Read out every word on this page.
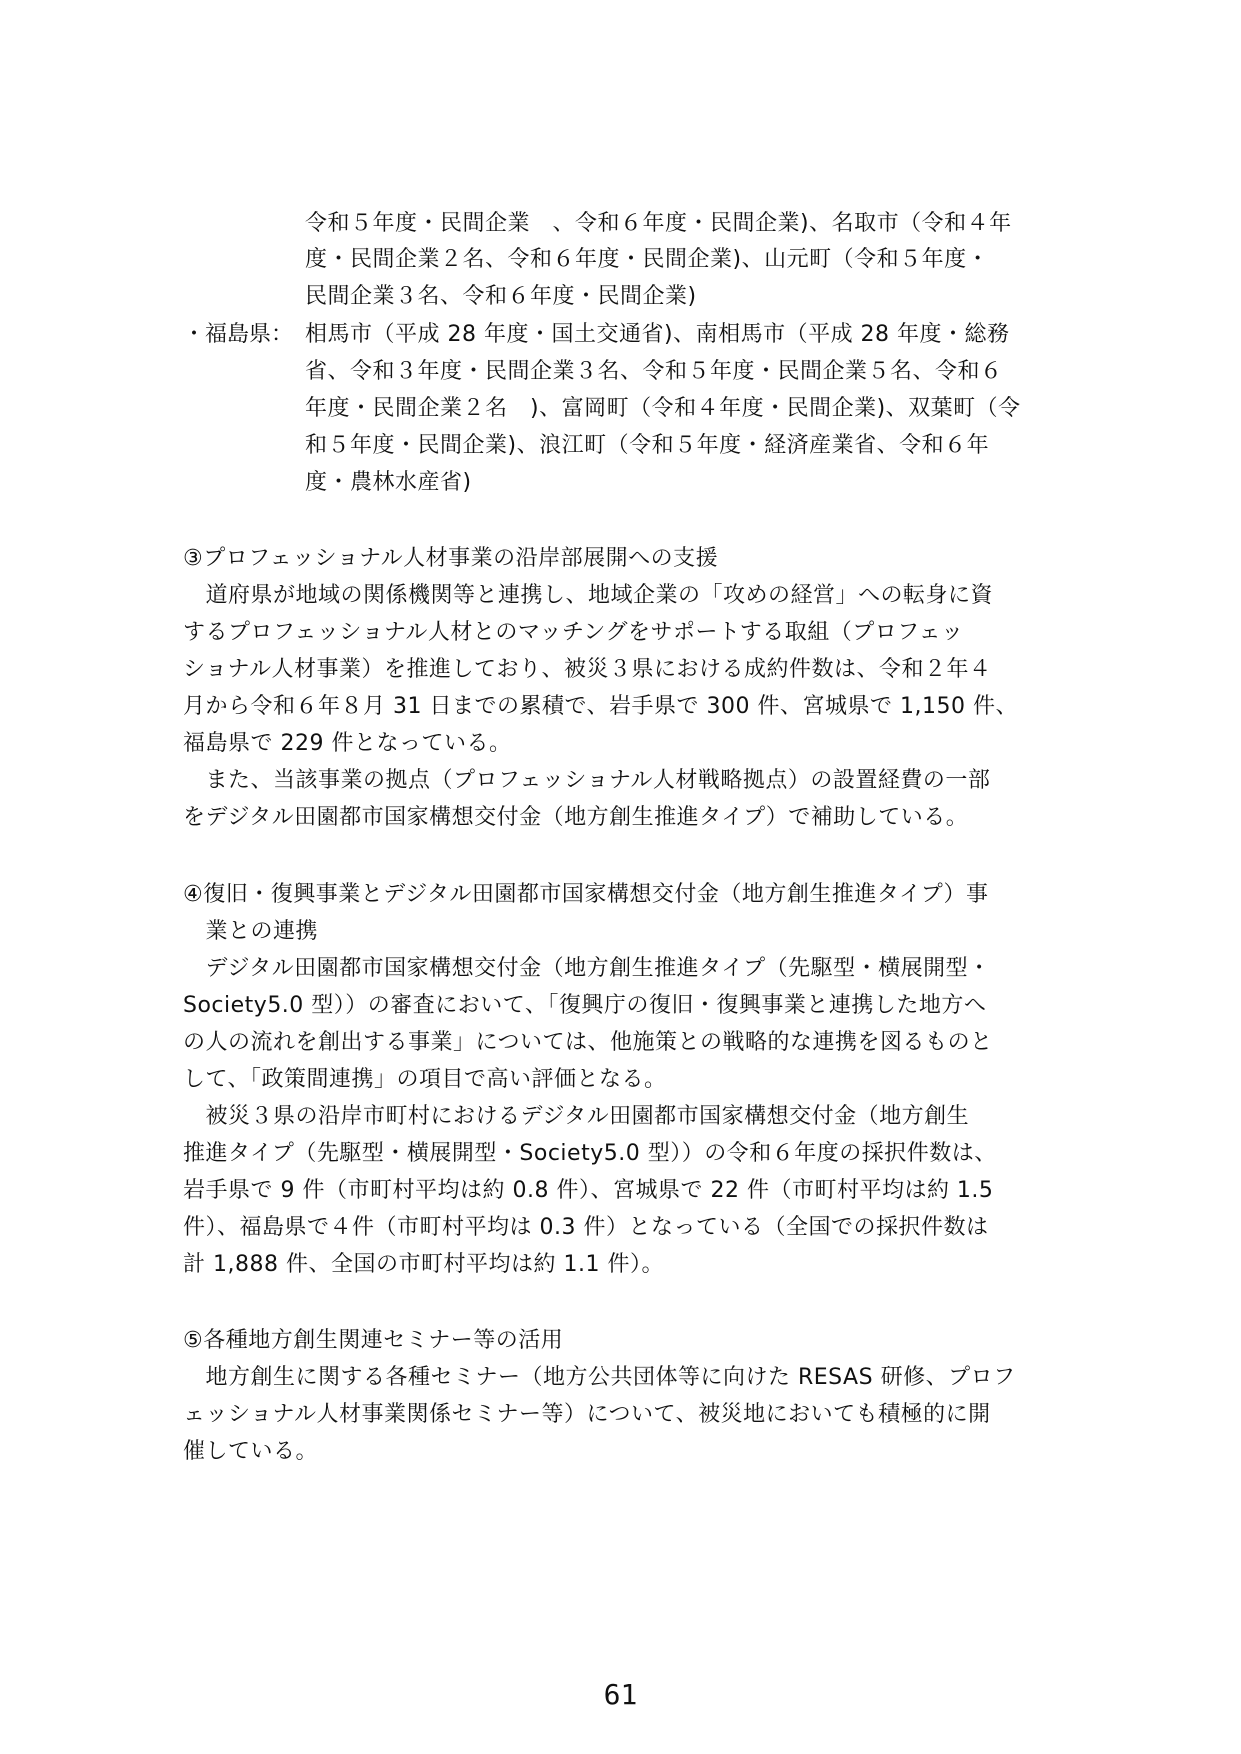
令和５年度・民間企業　、令和６年度・民間企業)、名取市（令和４年
度・民間企業２名、令和６年度・民間企業)、山元町（令和５年度・
民間企業３名、令和６年度・民間企業)
・福島県： 相馬市（平成 28 年度・国土交通省)、南相馬市（平成 28 年度・総務
省、令和３年度・民間企業３名、令和５年度・民間企業５名、令和６
年度・民間企業２名　)、富岡町（令和４年度・民間企業)、双葉町（令
和５年度・民間企業)、浪江町（令和５年度・経済産業省、令和６年
度・農林水産省)
③プロフェッショナル人材事業の沿岸部展開への支援
　道府県が地域の関係機関等と連携し、地域企業の「攻めの経営」への転身に資
するプロフェッショナル人材とのマッチングをサポートする取組（プロフェッ
ショナル人材事業）を推進しており、被災３県における成約件数は、令和２年４
月から令和６年８月 31 日までの累積で、岩手県で 300 件、宮城県で 1,150 件、
福島県で 229 件となっている。
　また、当該事業の拠点（プロフェッショナル人材戦略拠点）の設置経費の一部
をデジタル田園都市国家構想交付金（地方創生推進タイプ）で補助している。
④復旧・復興事業とデジタル田園都市国家構想交付金（地方創生推進タイプ）事
　業との連携
　デジタル田園都市国家構想交付金（地方創生推進タイプ（先駆型・横展開型・
Society5.0 型））の審査において、「復興庁の復旧・復興事業と連携した地方へ
の人の流れを創出する事業」については、他施策との戦略的な連携を図るものと
して、「政策間連携」の項目で高い評価となる。
　被災３県の沿岸市町村におけるデジタル田園都市国家構想交付金（地方創生
推進タイプ（先駆型・横展開型・Society5.0 型））の令和６年度の採択件数は、
岩手県で 9 件（市町村平均は約 0.8 件）、宮城県で 22 件（市町村平均は約 1.5
件）、福島県で４件（市町村平均は 0.3 件）となっている（全国での採択件数は
計 1,888 件、全国の市町村平均は約 1.1 件）。
⑤各種地方創生関連セミナー等の活用
　地方創生に関する各種セミナー（地方公共団体等に向けた RESAS 研修、プロフ
ェッショナル人材事業関係セミナー等）について、被災地においても積極的に開
催している。
61
